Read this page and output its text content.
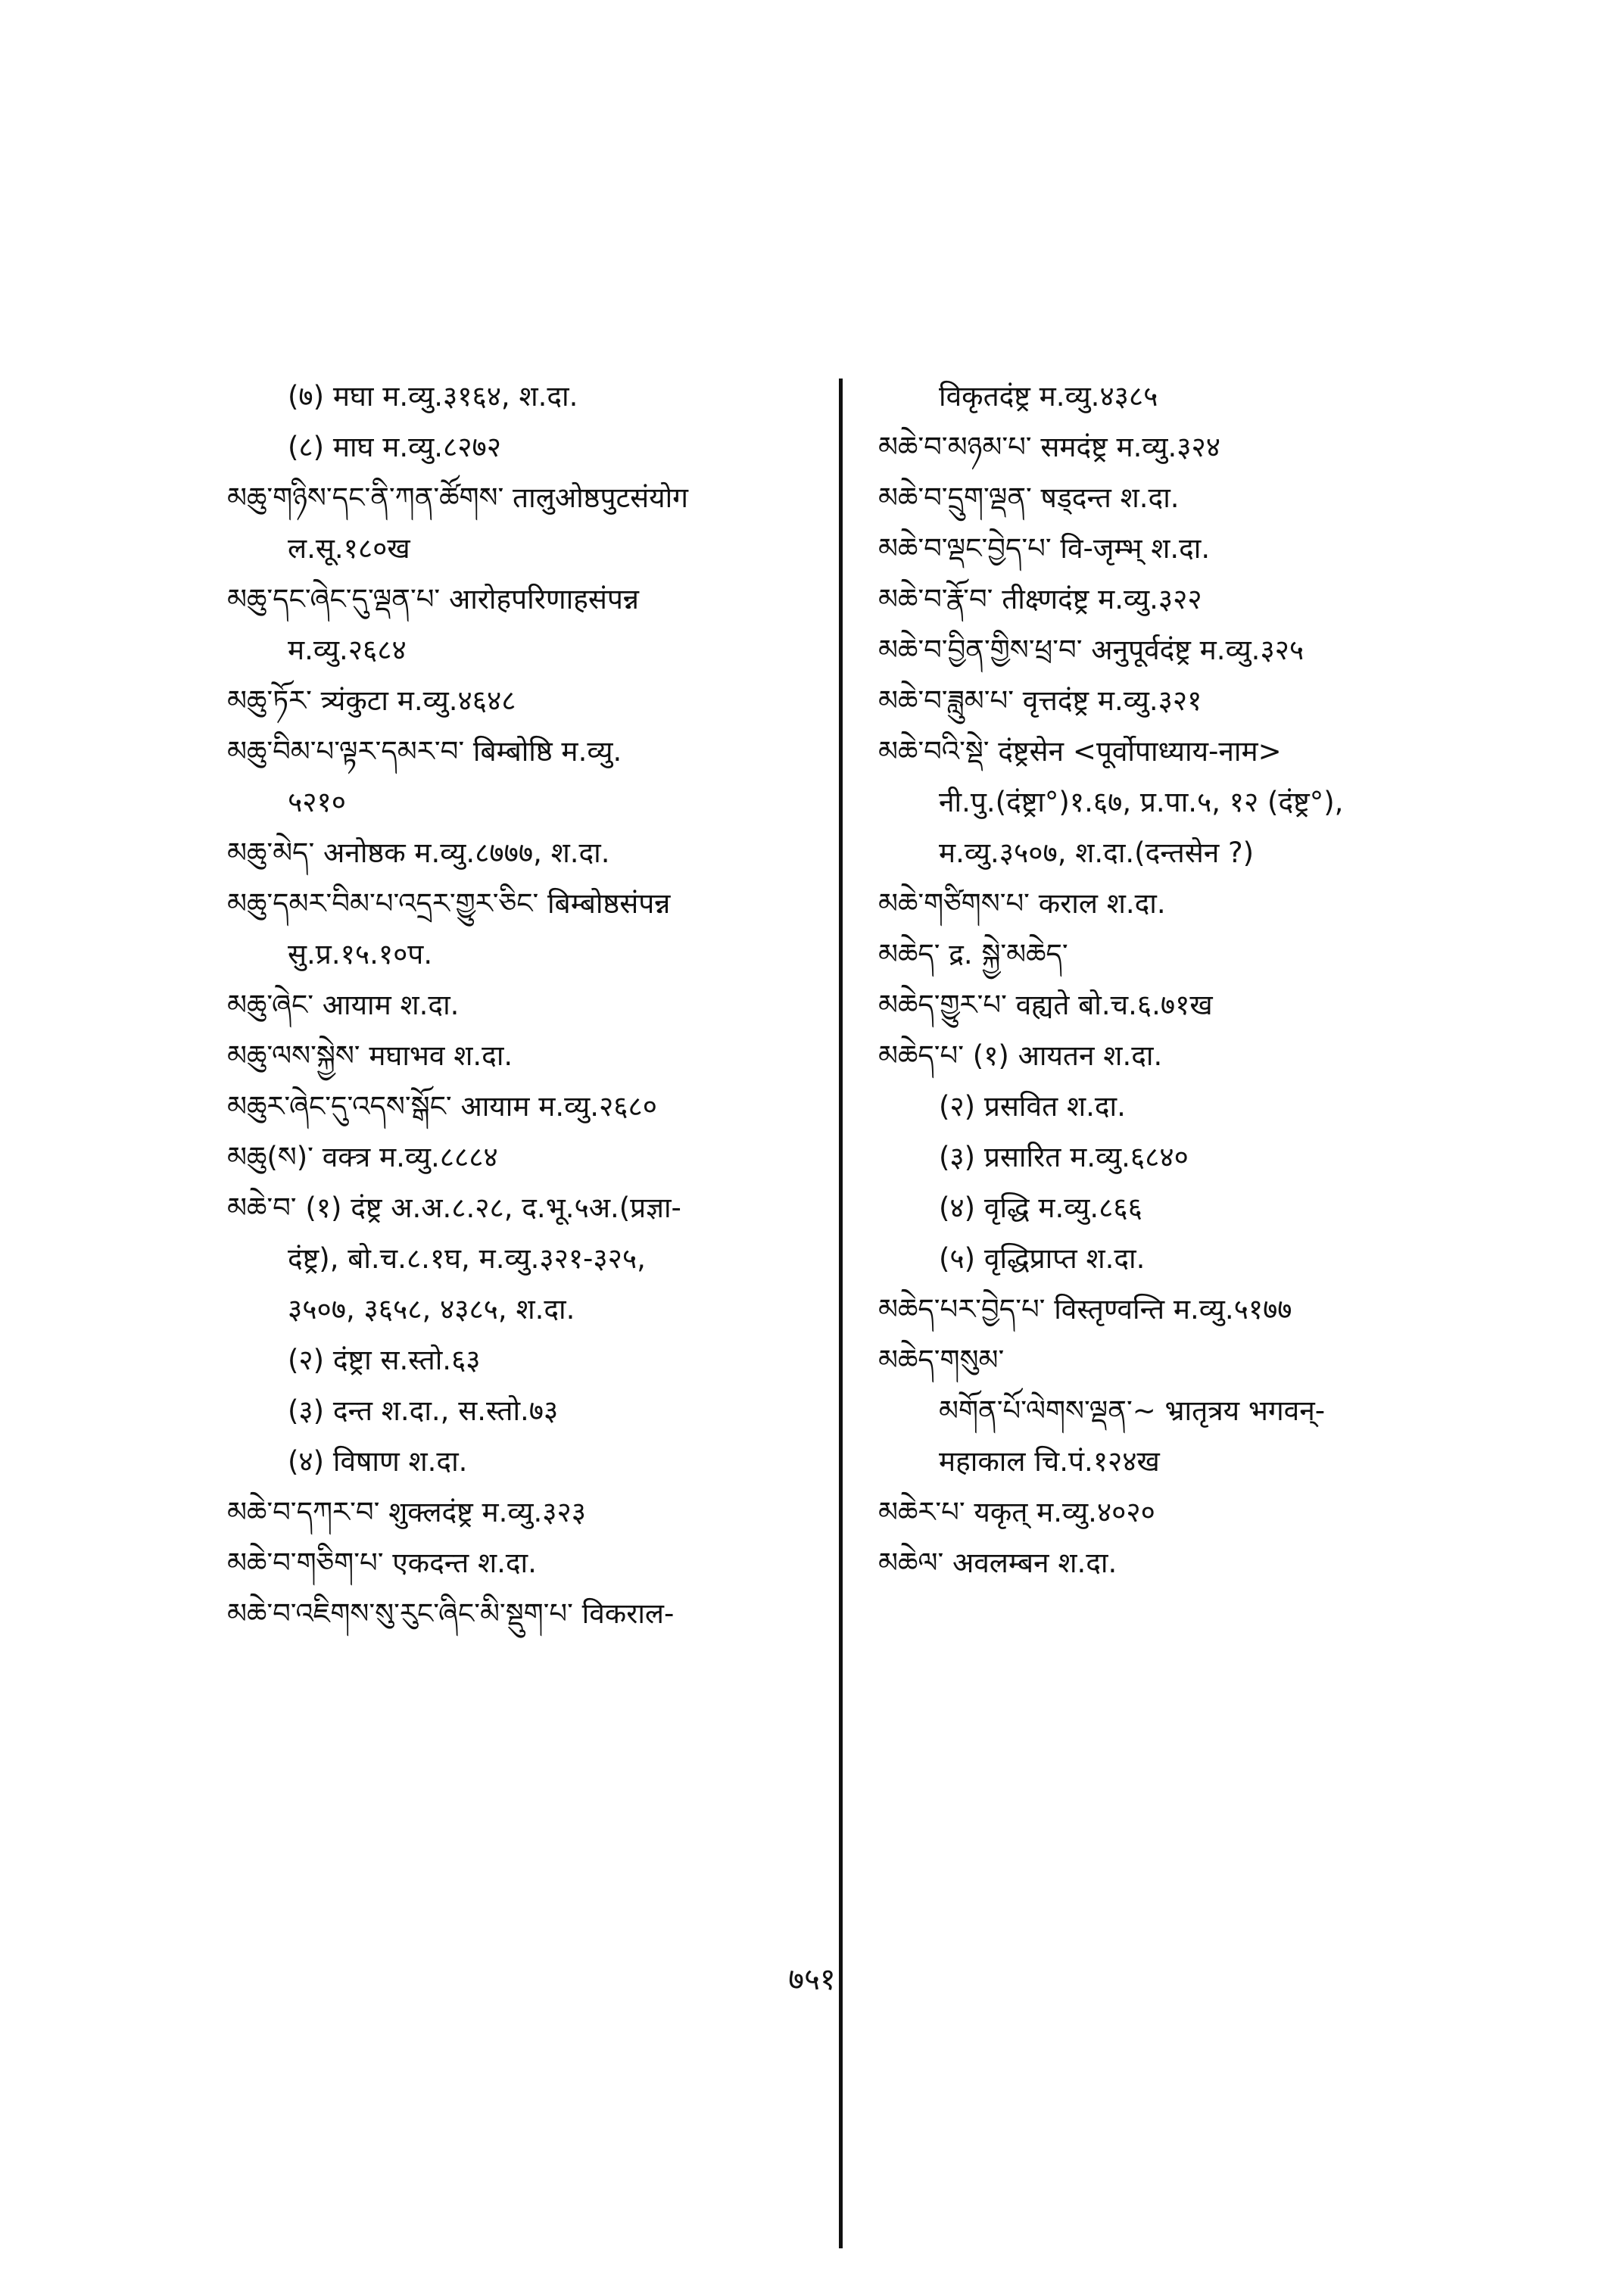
(७) मघा म.व्यु.३१६४, श.दा.
(८) माघ म.व्यु.८२७२
མཆུ་གཉིས་དང་ནི་ཀན་ཚོགས་ तालुओष्ठपुटसंयोग
ल.सू.१८०ख
མཆུ་དང་ཞེང་དུ་ལྡན་པ་ आरोहपरिणाहसंपन्न
म.व्यु.२६८४
མཆུ་ཏོར་ त्र्यंकुटा म.व्यु.४६४८
མཆུ་བིམ་པ་ལྟར་དམར་བ་ बिम्बोष्ठि म.व्यु.
५२१०
མཆུ་མེད་ अनोष्ठक म.व्यु.८७७७, श.दा.
མཆུ་དམར་བིམ་པ་འདྲར་གྱུར་ཅིང་ बिम्बोष्ठसंपन्न
सु.प्र.१५.१०प.
མཆུ་ཞེང་ आयाम श.दा.
མཆུ་ལས་སྐྱེས་ मघाभव श.दा.
མཆུར་ཞེང་དུ་འདས་སྒོང་ आयाम म.व्यु.२६८०
མཆུ(ས)་ वक्त्र म.व्यु.८८८४
མཆེ་བ་ (१) दंष्ट्र अ.अ.८.२८, द.भू.५अ.(प्रज्ञा-
दंष्ट्र), बो.च.८.१घ, म.व्यु.३२१-३२५,
३५०७, ३६५८, ४३८५, श.दा.
(२) दंष्ट्रा स.स्तो.६३
(३) दन्त श.दा., स.स्तो.७३
(४) विषाण श.दा.
མཆེ་བ་དཀར་བ་ शुक्लदंष्ट्र म.व्यु.३२३
མཆེ་བ་གཅིག་པ་ एकदन्त श.दा.
མཆེ་བ་འཇིགས་སུ་རུང་ཞིང་མི་སྡུག་པ་ विकराल-
विकृतदंष्ट्र म.व्यु.४३८५
མཆེ་བ་མཉམ་པ་ समदंष्ट्र म.व्यु.३२४
མཆེ་བ་དྲུག་ལྡན་ षड्दन्त श.दा.
མཆེ་བ་ལྡང་བྱེད་པ་ वि-जृम्भ् श.दा.
མཆེ་བ་རྣོ་བ་ तीक्ष्णदंष्ट्र म.व्यु.३२२
མཆེ་བ་བྱིན་གྱིས་ཕྲ་བ་ अनुपूर्वदंष्ट्र म.व्यु.३२५
མཆེ་བ་ཟླུམ་པ་ वृत्तदंष्ट्र म.व्यु.३२१
མཆེ་བའི་སྡེ་ दंष्ट्रसेन <पूर्वोपाध्याय-नाम>
नी.पु.(दंष्ट्रा°)१.६७, प्र.पा.५, १२ (दंष्ट्र°),
म.व्यु.३५०७, श.दा.(दन्तसेन ?)
མཆེ་གཙིགས་པ་ कराल श.दा.
མཆེད་ द्र. སྐྱེ་མཆེད་
མཆེད་གྱུར་པ་ वह्यते बो.च.६.७१ख
མཆེད་པ་ (१) आयतन श.दा.
(२) प्रसवित श.दा.
(३) प्रसारित म.व्यु.६८४०
(४) वृद्धि म.व्यु.८६६
(५) वृद्धिप्राप्त श.दा.
མཆེད་པར་བྱེད་པ་ विस्तृण्वन्ति म.व्यु.५१७७
མཆེད་གསུམ་
མགོན་པོ་ལེགས་ལྡན་~ भ्रातृत्रय भगवन्-
महाकाल चि.पं.१२४ख
མཆེར་པ་ यकृत् म.व्यु.४०२०
མཆེལ་ अवलम्बन श.दा.
७५१
